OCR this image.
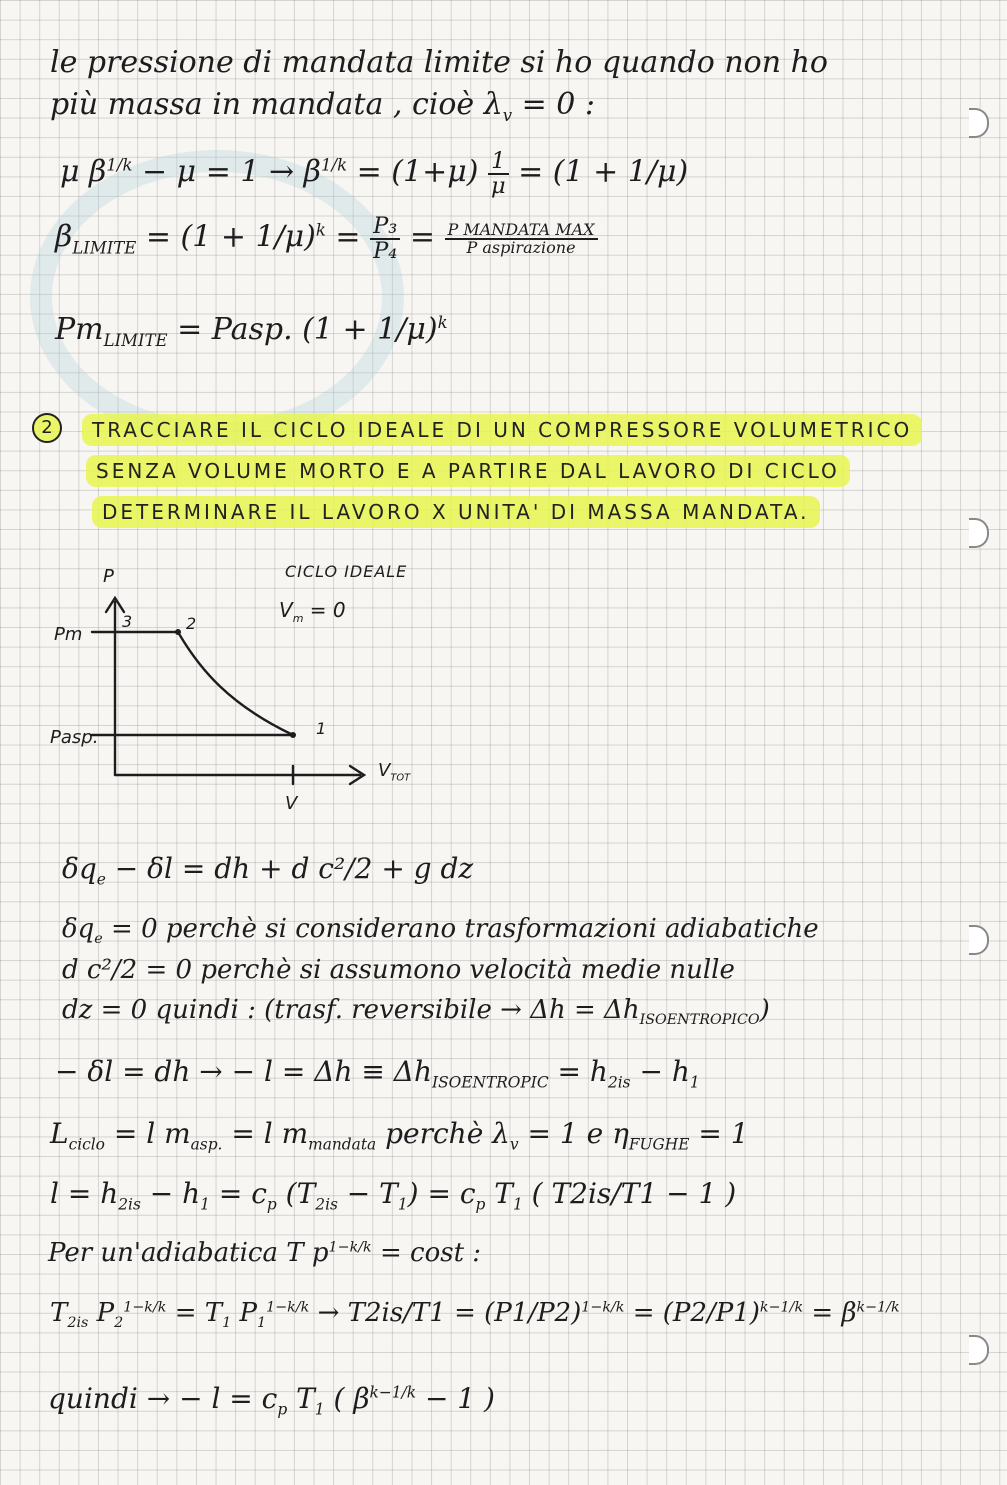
le pressione di mandata limite si ho quando non ho
più massa in mandata , cioè $\lambda_v = 0$ :
μ $\beta^{1/k} - \mu = 1 \to \beta^{1/k} = (1+\mu) \frac{1}{\mu} = (1 + 1/\mu)$
$\beta_{LIMITE} = (1 + 1/\mu)^k = \frac{\text{P₃}}{\text{P₄}} = \frac{\text{P MANDATA MAX}}{\text{P aspirazione}}$
$Pm_{LIMITE}$ = Pasp. $(1 + 1/\mu)^k$
2	TRACCIARE IL CICLO IDEALE DI UN COMPRESSORE VOLUMETRICO
SENZA VOLUME MORTO E A PARTIRE DAL LAVORO DI CICLO
DETERMINARE IL LAVORO X UNITA' DI MASSA MANDATA.
P
$V_{TOT}$
Pm
Pasp.
3	2
1
V
CICLO IDEALE
$V_m = 0$
$\delta q_e - \delta l$ = dh + d c²/2 + g dz
$\delta q_e = 0$ perchè si considerano trasformazioni adiabatiche
d c²/2 = 0 perchè si assumono velocità medie nulle
dz = 0 quindi : (trasf. reversibile → $\Delta h = \Delta h_{ISOENTROPICO}$)
− δl = dh → − $l = \Delta h \equiv \Delta h_{ISOENTROPIC} = h_{2is} - h_1$
$L_{ciclo} = l$ $m_{asp.} = l$ $m_{mandata}$ perchè $\lambda_v = 1$ e $\eta_{FUGHE} = 1$
$l = h_{2is} - h_1 = c_p$ $(T_{2is} - T_1) = c_p$ $T_1$ ( T2is/T1 − 1 )
Per un'adiabatica T $p^{1-k/k} = \cos t$ :
$T_{2is}$ $P_2^{1-k/k} = T_1$ $P_1^{1-k/k} \to T2is/T1 = (P1/P2)^{1-k/k} = (P2/P1)^{k-1/k} = \beta^{k-1/k}$
quindi → − $l = c_p$ $T_1$ ( $\beta^{k-1/k} - 1$ )
